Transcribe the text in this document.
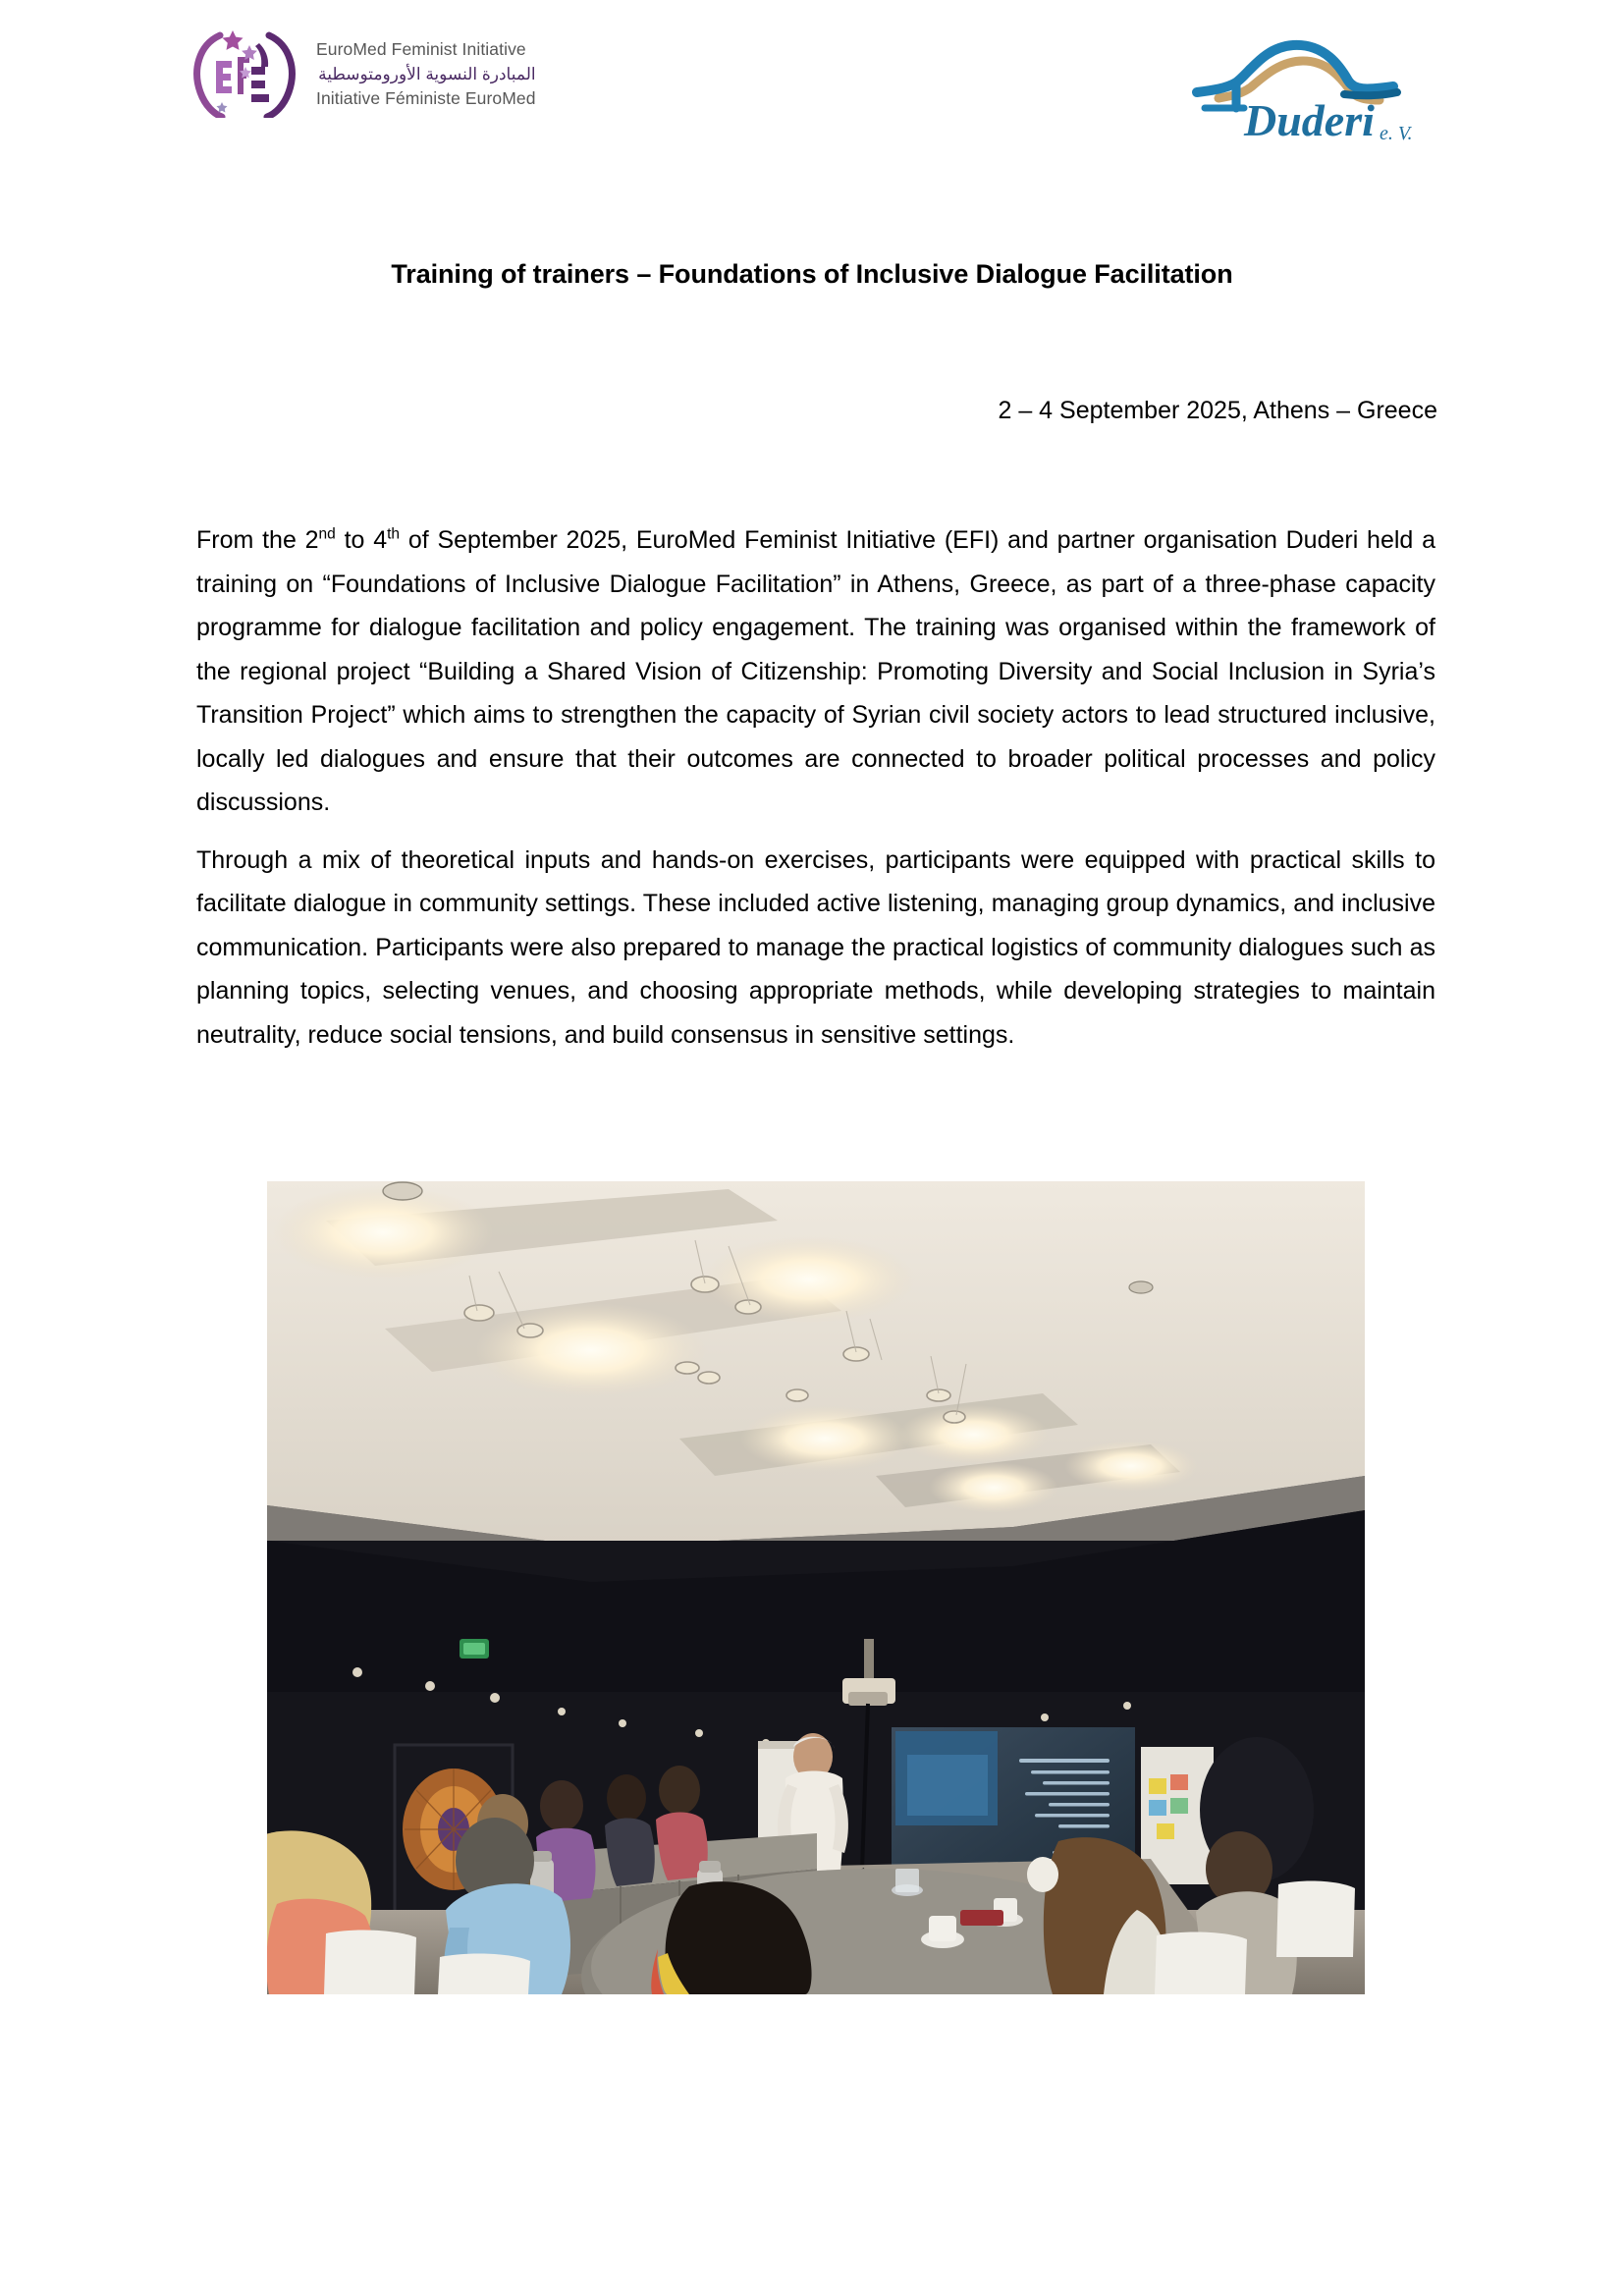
EuroMed Feminist Initiative
المبادرة النسوية الأورومتوسطية
Initiative Féministe EuroMed	Duderi e. V.
Training of trainers – Foundations of Inclusive Dialogue Facilitation
2 – 4 September 2025, Athens – Greece

From the 2nd to 4th of September 2025, EuroMed Feminist Initiative (EFI) and partner organisation Duderi held a training on “Foundations of Inclusive Dialogue Facilitation” in Athens, Greece, as part of a three-phase capacity programme for dialogue facilitation and policy engagement. The training was organised within the framework of the regional project “Building a Shared Vision of Citizenship: Promoting Diversity and Social Inclusion in Syria’s Transition Project” which aims to strengthen the capacity of Syrian civil society actors to lead structured inclusive, locally led dialogues and ensure that their outcomes are connected to broader political processes and policy discussions.

Through a mix of theoretical inputs and hands-on exercises, participants were equipped with practical skills to facilitate dialogue in community settings. These included active listening, managing group dynamics, and inclusive communication. Participants were also prepared to manage the practical logistics of community dialogues such as planning topics, selecting venues, and choosing appropriate methods, while developing strategies to maintain neutrality, reduce social tensions, and build consensus in sensitive settings.
